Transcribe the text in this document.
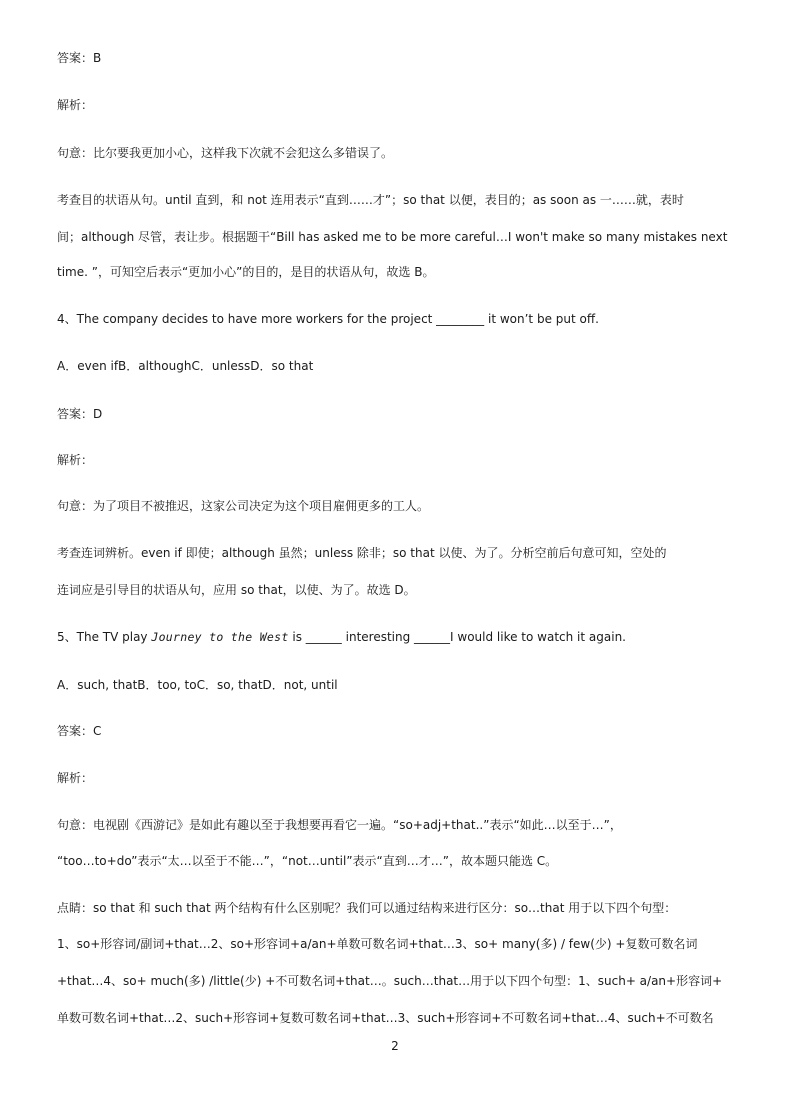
答案：B
解析：
句意：比尔要我更加小心，这样我下次就不会犯这么多错误了。
考查目的状语从句。until 直到，和 not 连用表示“直到……才”；so that 以便，表目的；as soon as 一……就，表时
间；although 尽管，表让步。根据题干“Bill has asked me to be more careful…I won't make so many mistakes next
time. ”，可知空后表示“更加小心”的目的，是目的状语从句，故选 B。
4、The company decides to have more workers for the project ________ it won’t be put off.
A．even ifB．althoughC．unlessD．so that
答案：D
解析：
句意：为了项目不被推迟，这家公司决定为这个项目雇佣更多的工人。
考查连词辨析。even if 即使；although 虽然；unless 除非；so that 以使、为了。分析空前后句意可知，空处的
连词应是引导目的状语从句，应用 so that，以使、为了。故选 D。
5、The TV play Journey to the West is ______ interesting ______I would like to watch it again.
A．such, thatB．too, toC．so, thatD．not, until
答案：C
解析：
句意：电视剧《西游记》是如此有趣以至于我想要再看它一遍。“so+adj+that..”表示“如此…以至于…”，
“too…to+do”表示“太…以至于不能…”，“not…until”表示“直到…才…”，故本题只能选 C。
点睛：so that 和 such that 两个结构有什么区别呢？我们可以通过结构来进行区分：so…that 用于以下四个句型：
1、so+形容词/副词+that…2、so+形容词+a/an+单数可数名词+that…3、so+ many(多) / few(少) +复数可数名词
+that…4、so+ much(多) /little(少) +不可数名词+that…。such…that…用于以下四个句型：1、such+ a/an+形容词+
单数可数名词+that…2、such+形容词+复数可数名词+that…3、such+形容词+不可数名词+that…4、such+不可数名
2
